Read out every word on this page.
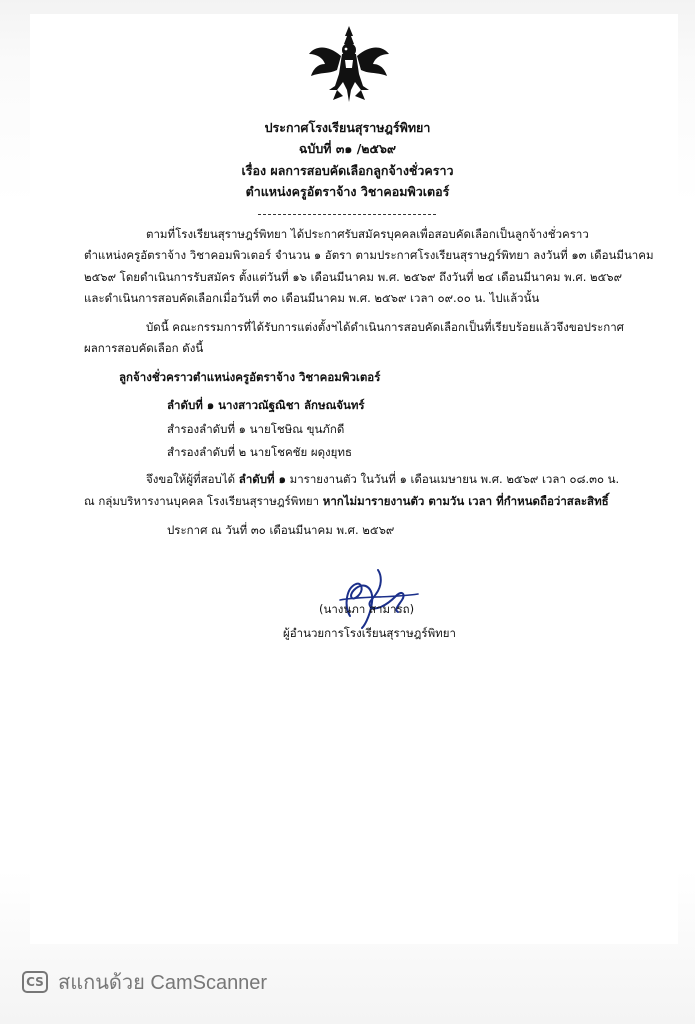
ประกาศโรงเรียนสุราษฎร์พิทยา
ฉบับที่ ๓๑ /๒๕๖๙
เรื่อง ผลการสอบคัดเลือกลูกจ้างชั่วคราว
ตำแหน่งครูอัตราจ้าง วิชาคอมพิวเตอร์
ตามที่โรงเรียนสุราษฎร์พิทยา ได้ประกาศรับสมัครบุคคลเพื่อสอบคัดเลือกเป็นลูกจ้างชั่วคราว
ตำแหน่งครูอัตราจ้าง วิชาคอมพิวเตอร์ จำนวน ๑ อัตรา ตามประกาศโรงเรียนสุราษฎร์พิทยา ลงวันที่ ๑๓ เดือนมีนาคม
๒๕๖๙ โดยดำเนินการรับสมัคร ตั้งแต่วันที่ ๑๖ เดือนมีนาคม พ.ศ. ๒๕๖๙ ถึงวันที่ ๒๔ เดือนมีนาคม พ.ศ. ๒๕๖๙
และดำเนินการสอบคัดเลือกเมื่อวันที่ ๓๐ เดือนมีนาคม พ.ศ. ๒๕๖๙ เวลา ๐๙.๐๐ น. ไปแล้วนั้น
บัดนี้ คณะกรรมการที่ได้รับการแต่งตั้งฯได้ดำเนินการสอบคัดเลือกเป็นที่เรียบร้อยแล้วจึงขอประกาศ
ผลการสอบคัดเลือก ดังนี้
ลูกจ้างชั่วคราวตำแหน่งครูอัตราจ้าง วิชาคอมพิวเตอร์
ลำดับที่ ๑ นางสาวณัฐณิชา ลักษณจันทร์
สำรองลำดับที่ ๑ นายโชษิณ ขุนภักดี
สำรองลำดับที่ ๒ นายโชคชัย ผดุงยุทธ
จึงขอให้ผู้ที่สอบได้ ลำดับที่ ๑ มารายงานตัว ในวันที่ ๑ เดือนเมษายน พ.ศ. ๒๕๖๙ เวลา ๐๘.๓๐ น.
ณ กลุ่มบริหารงานบุคคล โรงเรียนสุราษฎร์พิทยา หากไม่มารายงานตัว ตามวัน เวลา ที่กำหนดถือว่าสละสิทธิ์
ประกาศ ณ วันที่ ๓๐ เดือนมีนาคม พ.ศ. ๒๕๖๙
(นางนภา สามารถ)
ผู้อำนวยการโรงเรียนสุราษฎร์พิทยา
CS สแกนด้วย CamScanner
